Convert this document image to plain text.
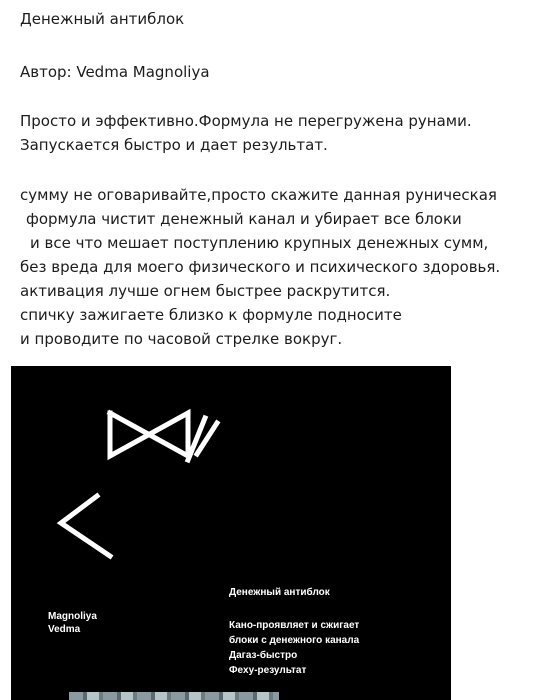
Денежный антиблок
Автор: Vedma Magnoliya
Просто и эффективно.Формула не перегружена рунами.
Запускается быстро и дает результат.
сумму не оговаривайте,просто скажите данная руническая
формула чистит денежный канал и убирает все блоки
и все что мешает поступлению крупных денежных сумм,
без вреда для моего физического и психического здоровья.
активация лучше огнем быстрее раскрутится.
спичку зажигаете близко к формуле подносите
и проводите по часовой стрелке вокруг.
Magnoliya
Vedma
Денежный антиблок
Кано-проявляет и сжигает
блоки с денежного канала
Дагаз-быстро
Феху-результат
